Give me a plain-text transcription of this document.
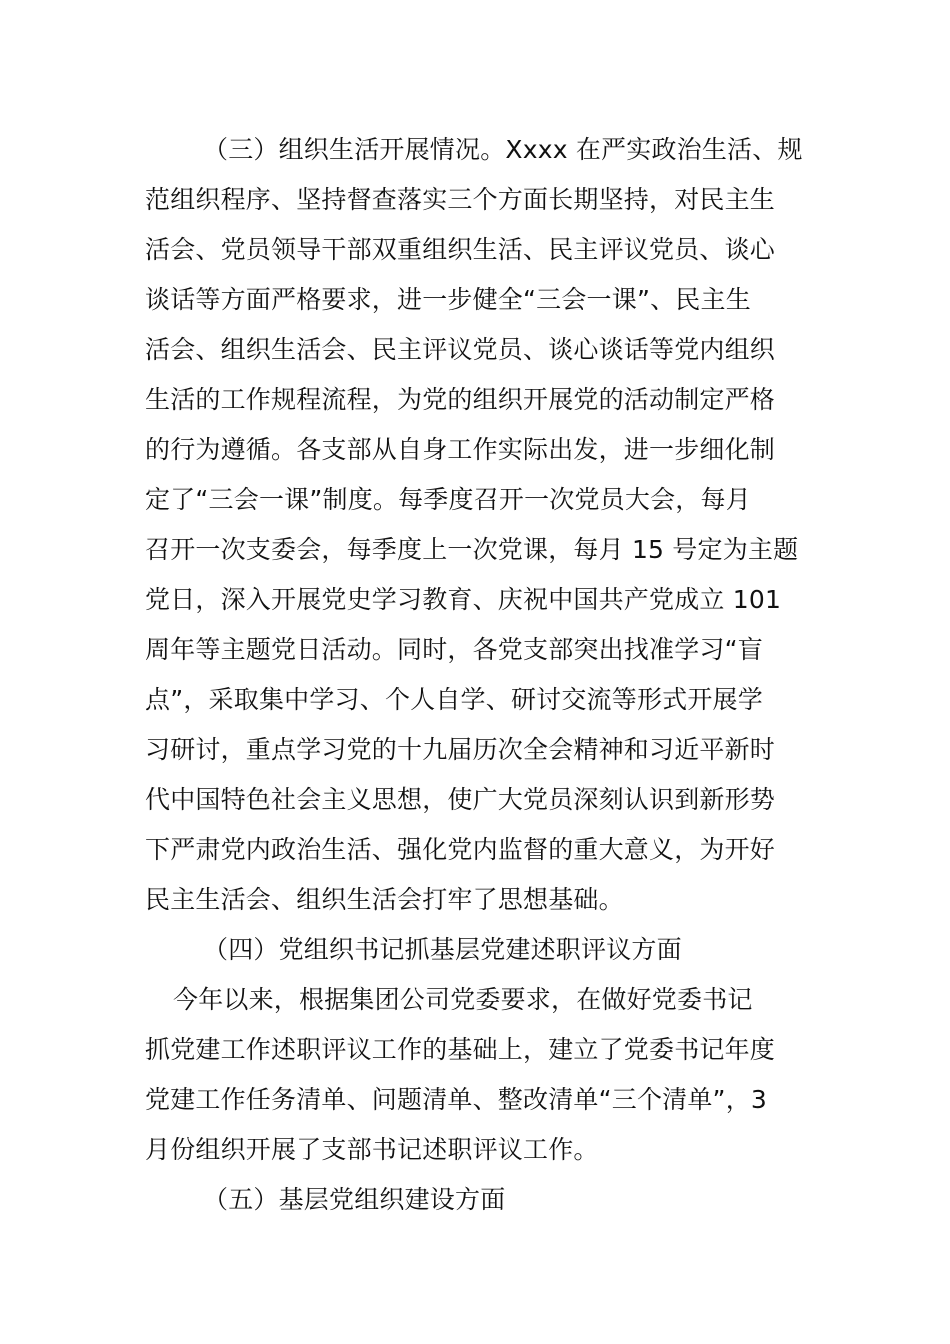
（三）组织生活开展情况。Xxxx 在严实政治生活、规
范组织程序、坚持督查落实三个方面长期坚持，对民主生
活会、党员领导干部双重组织生活、民主评议党员、谈心
谈话等方面严格要求，进一步健全“三会一课”、民主生
活会、组织生活会、民主评议党员、谈心谈话等党内组织
生活的工作规程流程，为党的组织开展党的活动制定严格
的行为遵循。各支部从自身工作实际出发，进一步细化制
定了“三会一课”制度。每季度召开一次党员大会，每月
召开一次支委会，每季度上一次党课，每月 15 号定为主题
党日，深入开展党史学习教育、庆祝中国共产党成立 101
周年等主题党日活动。同时，各党支部突出找准学习“盲
点”，采取集中学习、个人自学、研讨交流等形式开展学
习研讨，重点学习党的十九届历次全会精神和习近平新时
代中国特色社会主义思想，使广大党员深刻认识到新形势
下严肃党内政治生活、强化党内监督的重大意义，为开好
民主生活会、组织生活会打牢了思想基础。
（四）党组织书记抓基层党建述职评议方面
今年以来，根据集团公司党委要求，在做好党委书记
抓党建工作述职评议工作的基础上，建立了党委书记年度
党建工作任务清单、问题清单、整改清单“三个清单”，3
月份组织开展了支部书记述职评议工作。
（五）基层党组织建设方面
